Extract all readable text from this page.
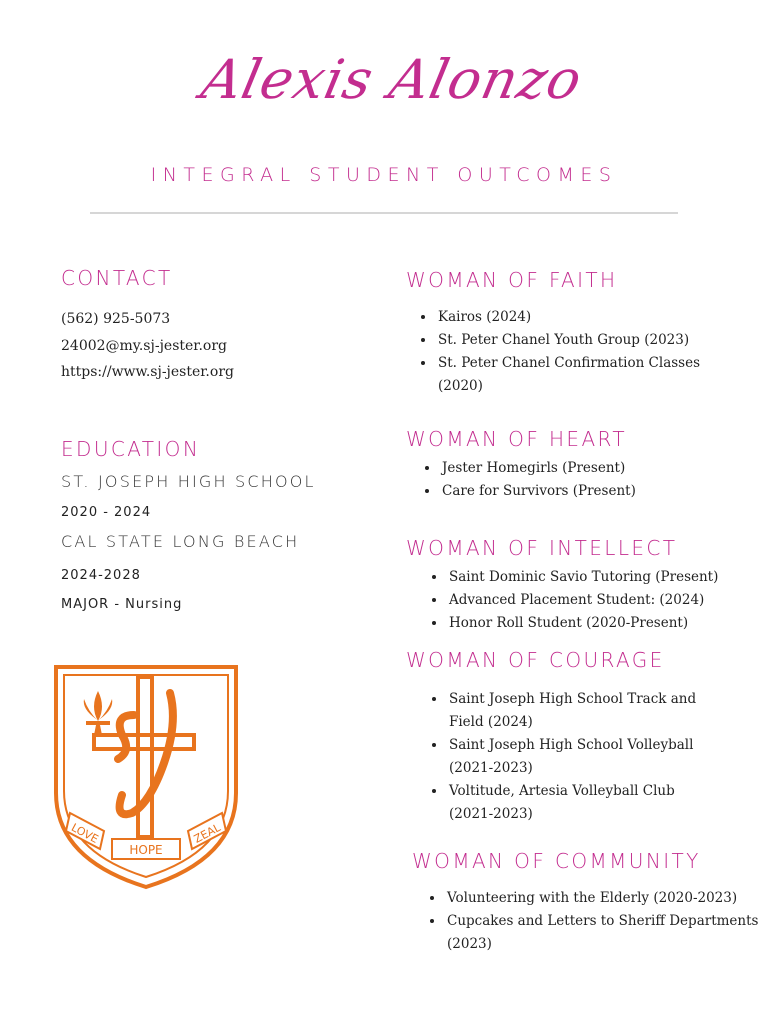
Alexis Alonzo
INTEGRAL STUDENT OUTCOMES
CONTACT
(562) 925-5073
24002@my.sj-jester.org
https://www.sj-jester.org
EDUCATION
ST. JOSEPH HIGH SCHOOL
2020 - 2024
CAL STATE LONG BEACH
2024-2028
MAJOR - Nursing
LOVE
HOPE
ZEAL
WOMAN OF FAITH
• Kairos (2024)
• St. Peter Chanel Youth Group (2023)
• St. Peter Chanel Confirmation Classes
(2020)
WOMAN OF HEART
• Jester Homegirls (Present)
• Care for Survivors (Present)
WOMAN OF INTELLECT
• Saint Dominic Savio Tutoring (Present)
• Advanced Placement Student: (2024)
• Honor Roll Student (2020-Present)
WOMAN OF COURAGE
• Saint Joseph High School Track and
Field (2024)
• Saint Joseph High School Volleyball
(2021-2023)
• Voltitude, Artesia Volleyball Club
(2021-2023)
WOMAN OF COMMUNITY
• Volunteering with the Elderly (2020-2023)
• Cupcakes and Letters to Sheriff Departments
(2023)
